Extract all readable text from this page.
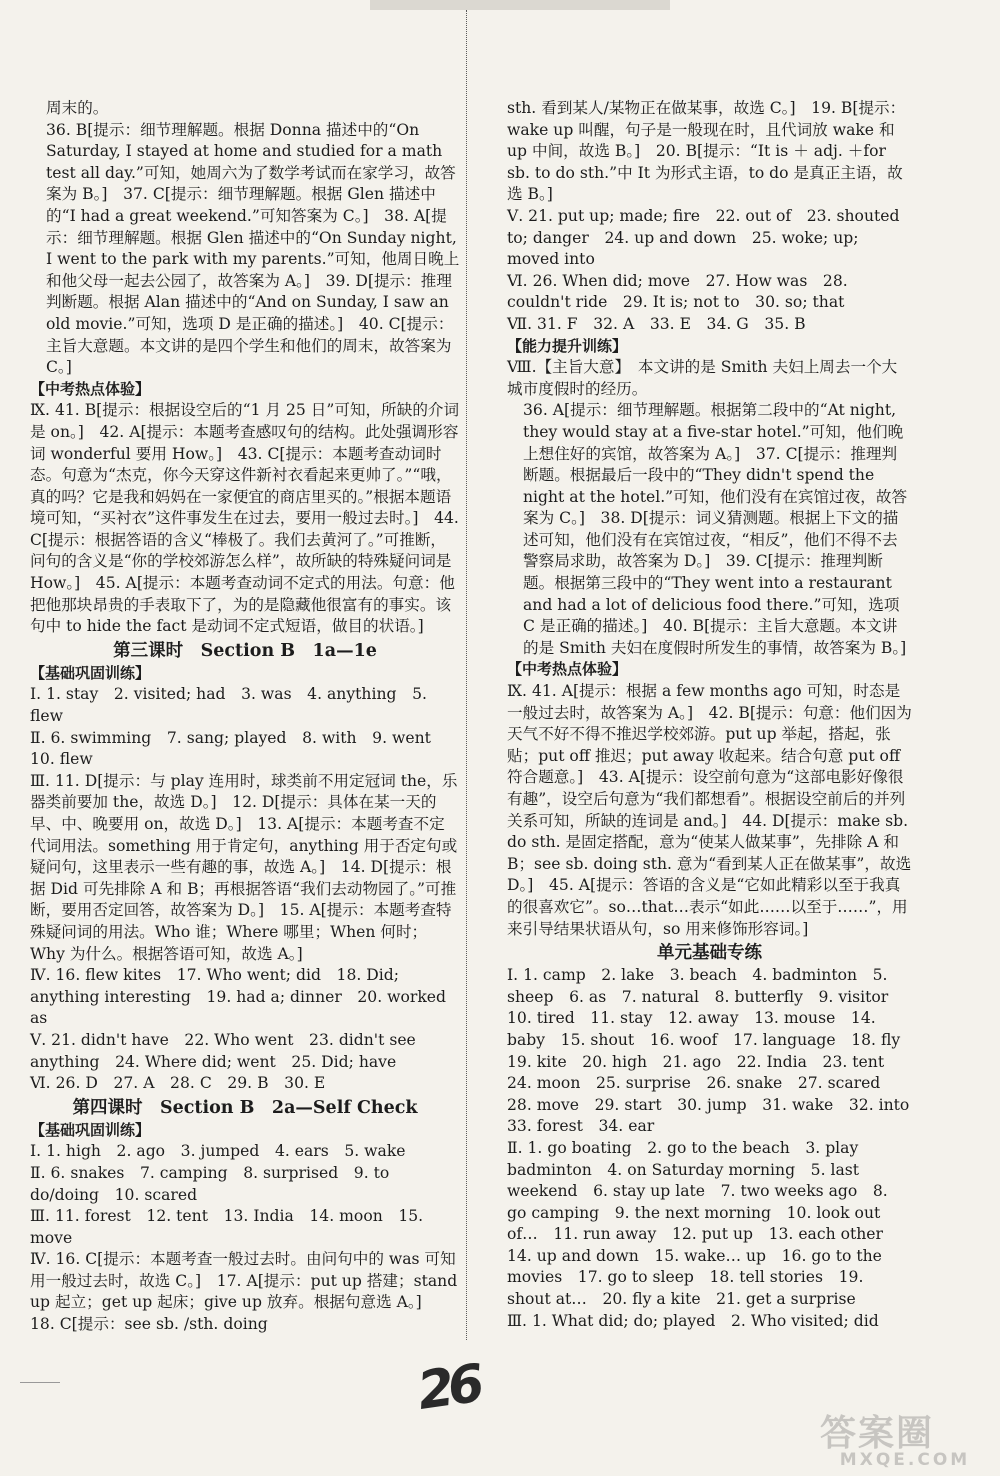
周末的。
36. B[提示：细节理解题。根据 Donna 描述中的“On Saturday, I stayed at home and studied for a math test all day.”可知，她周六为了数学考试而在家学习，故答案为 B。]　37. C[提示：细节理解题。根据 Glen 描述中的“I had a great weekend.”可知答案为 C。]　38. A[提示：细节理解题。根据 Glen 描述中的“On Sunday night, I went to the park with my parents.”可知，他周日晚上和他父母一起去公园了，故答案为 A。]　39. D[提示：推理判断题。根据 Alan 描述中的“And on Sunday, I saw an old movie.”可知，选项 D 是正确的描述。]　40. C[提示：主旨大意题。本文讲的是四个学生和他们的周末，故答案为 C。]
【中考热点体验】
Ⅸ. 41. B[提示：根据设空后的“1 月 25 日”可知，所缺的介词是 on。]　42. A[提示：本题考查感叹句的结构。此处强调形容词 wonderful 要用 How。]　43. C[提示：本题考查动词时态。句意为“杰克，你今天穿这件新衬衣看起来更帅了。”“哦，真的吗？它是我和妈妈在一家便宜的商店里买的。”根据本题语境可知，“买衬衣”这件事发生在过去，要用一般过去时。]　44. C[提示：根据答语的含义“棒极了。我们去黄河了。”可推断，问句的含义是“你的学校郊游怎么样”，故所缺的特殊疑问词是 How。]　45. A[提示：本题考查动词不定式的用法。句意：他把他那块昂贵的手表取下了，为的是隐藏他很富有的事实。该句中 to hide the fact 是动词不定式短语，做目的状语。]
第三课时　Section B　1a—1e
【基础巩固训练】
Ⅰ. 1. stay　2. visited; had　3. was　4. anything　5. flew
Ⅱ. 6. swimming　7. sang; played　8. with　9. went　10. flew
Ⅲ. 11. D[提示：与 play 连用时，球类前不用定冠词 the，乐器类前要加 the，故选 D。]　12. D[提示：具体在某一天的早、中、晚要用 on，故选 D。]　13. A[提示：本题考查不定代词用法。something 用于肯定句，anything 用于否定句或疑问句，这里表示一些有趣的事，故选 A。]　14. D[提示：根据 Did 可先排除 A 和 B；再根据答语“我们去动物园了。”可推断，要用否定回答，故答案为 D。]　15. A[提示：本题考查特殊疑问词的用法。Who 谁；Where 哪里；When 何时；Why 为什么。根据答语可知，故选 A。]
Ⅳ. 16. flew kites　17. Who went; did　18. Did; anything interesting　19. had a; dinner　20. worked as
Ⅴ. 21. didn't have　22. Who went　23. didn't see anything　24. Where did; went　25. Did; have
Ⅵ. 26. D　27. A　28. C　29. B　30. E
第四课时　Section B　2a—Self Check
【基础巩固训练】
Ⅰ. 1. high　2. ago　3. jumped　4. ears　5. wake
Ⅱ. 6. snakes　7. camping　8. surprised　9. to do/doing　10. scared
Ⅲ. 11. forest　12. tent　13. India　14. moon　15. move
Ⅳ. 16. C[提示：本题考查一般过去时。由问句中的 was 可知用一般过去时，故选 C。]　17. A[提示：put up 搭建；stand up 起立；get up 起床；give up 放弃。根据句意选 A。]　18. C[提示：see sb. /sth. doing
sth. 看到某人/某物正在做某事，故选 C。]　19. B[提示：wake up 叫醒，句子是一般现在时，且代词放 wake 和 up 中间，故选 B。]　20. B[提示：“It is ＋ adj. ＋for sb. to do sth.”中 It 为形式主语，to do 是真正主语，故选 B。]
Ⅴ. 21. put up; made; fire　22. out of　23. shouted to; danger　24. up and down　25. woke; up; moved into
Ⅵ. 26. When did; move　27. How was　28. couldn't ride　29. It is; not to　30. so; that
Ⅶ. 31. F　32. A　33. E　34. G　35. B
【能力提升训练】
Ⅷ.【主旨大意】　本文讲的是 Smith 夫妇上周去一个大城市度假时的经历。
36. A[提示：细节理解题。根据第二段中的“At night, they would stay at a five-star hotel.”可知，他们晚上想住好的宾馆，故答案为 A。]　37. C[提示：推理判断题。根据最后一段中的“They didn't spend the night at the hotel.”可知，他们没有在宾馆过夜，故答案为 C。]　38. D[提示：词义猜测题。根据上下文的描述可知，他们没有在宾馆过夜，“相反”，他们不得不去警察局求助，故答案为 D。]　39. C[提示：推理判断题。根据第三段中的“They went into a restaurant and had a lot of delicious food there.”可知，选项 C 是正确的描述。]　40. B[提示：主旨大意题。本文讲的是 Smith 夫妇在度假时所发生的事情，故答案为 B。]
【中考热点体验】
Ⅸ. 41. A[提示：根据 a few months ago 可知，时态是一般过去时，故答案为 A。]　42. B[提示：句意：他们因为天气不好不得不推迟学校郊游。put up 举起，搭起，张贴；put off 推迟；put away 收起来。结合句意 put off 符合题意。]　43. A[提示：设空前句意为“这部电影好像很有趣”，设空后句意为“我们都想看”。根据设空前后的并列关系可知，所缺的连词是 and。]　44. D[提示：make sb. do sth. 是固定搭配，意为“使某人做某事”，先排除 A 和 B；see sb. doing sth. 意为“看到某人正在做某事”，故选 D。]　45. A[提示：答语的含义是“它如此精彩以至于我真的很喜欢它”。so…that…表示“如此……以至于……”，用来引导结果状语从句，so 用来修饰形容词。]
单元基础专练
Ⅰ. 1. camp　2. lake　3. beach　4. badminton　5. sheep　6. as　7. natural　8. butterfly　9. visitor　10. tired　11. stay　12. away　13. mouse　14. baby　15. shout　16. woof　17. language　18. fly　19. kite　20. high　21. ago　22. India　23. tent　24. moon　25. surprise　26. snake　27. scared　28. move　29. start　30. jump　31. wake　32. into　33. forest　34. ear
Ⅱ. 1. go boating　2. go to the beach　3. play badminton　4. on Saturday morning　5. last weekend　6. stay up late　7. two weeks ago　8. go camping　9. the next morning　10. look out of…　11. run away　12. put up　13. each other　14. up and down　15. wake… up　16. go to the movies　17. go to sleep　18. tell stories　19. shout at…　20. fly a kite　21. get a surprise
Ⅲ. 1. What did; do; played　2. Who visited; did
26
答案圈
MXQE.COM
